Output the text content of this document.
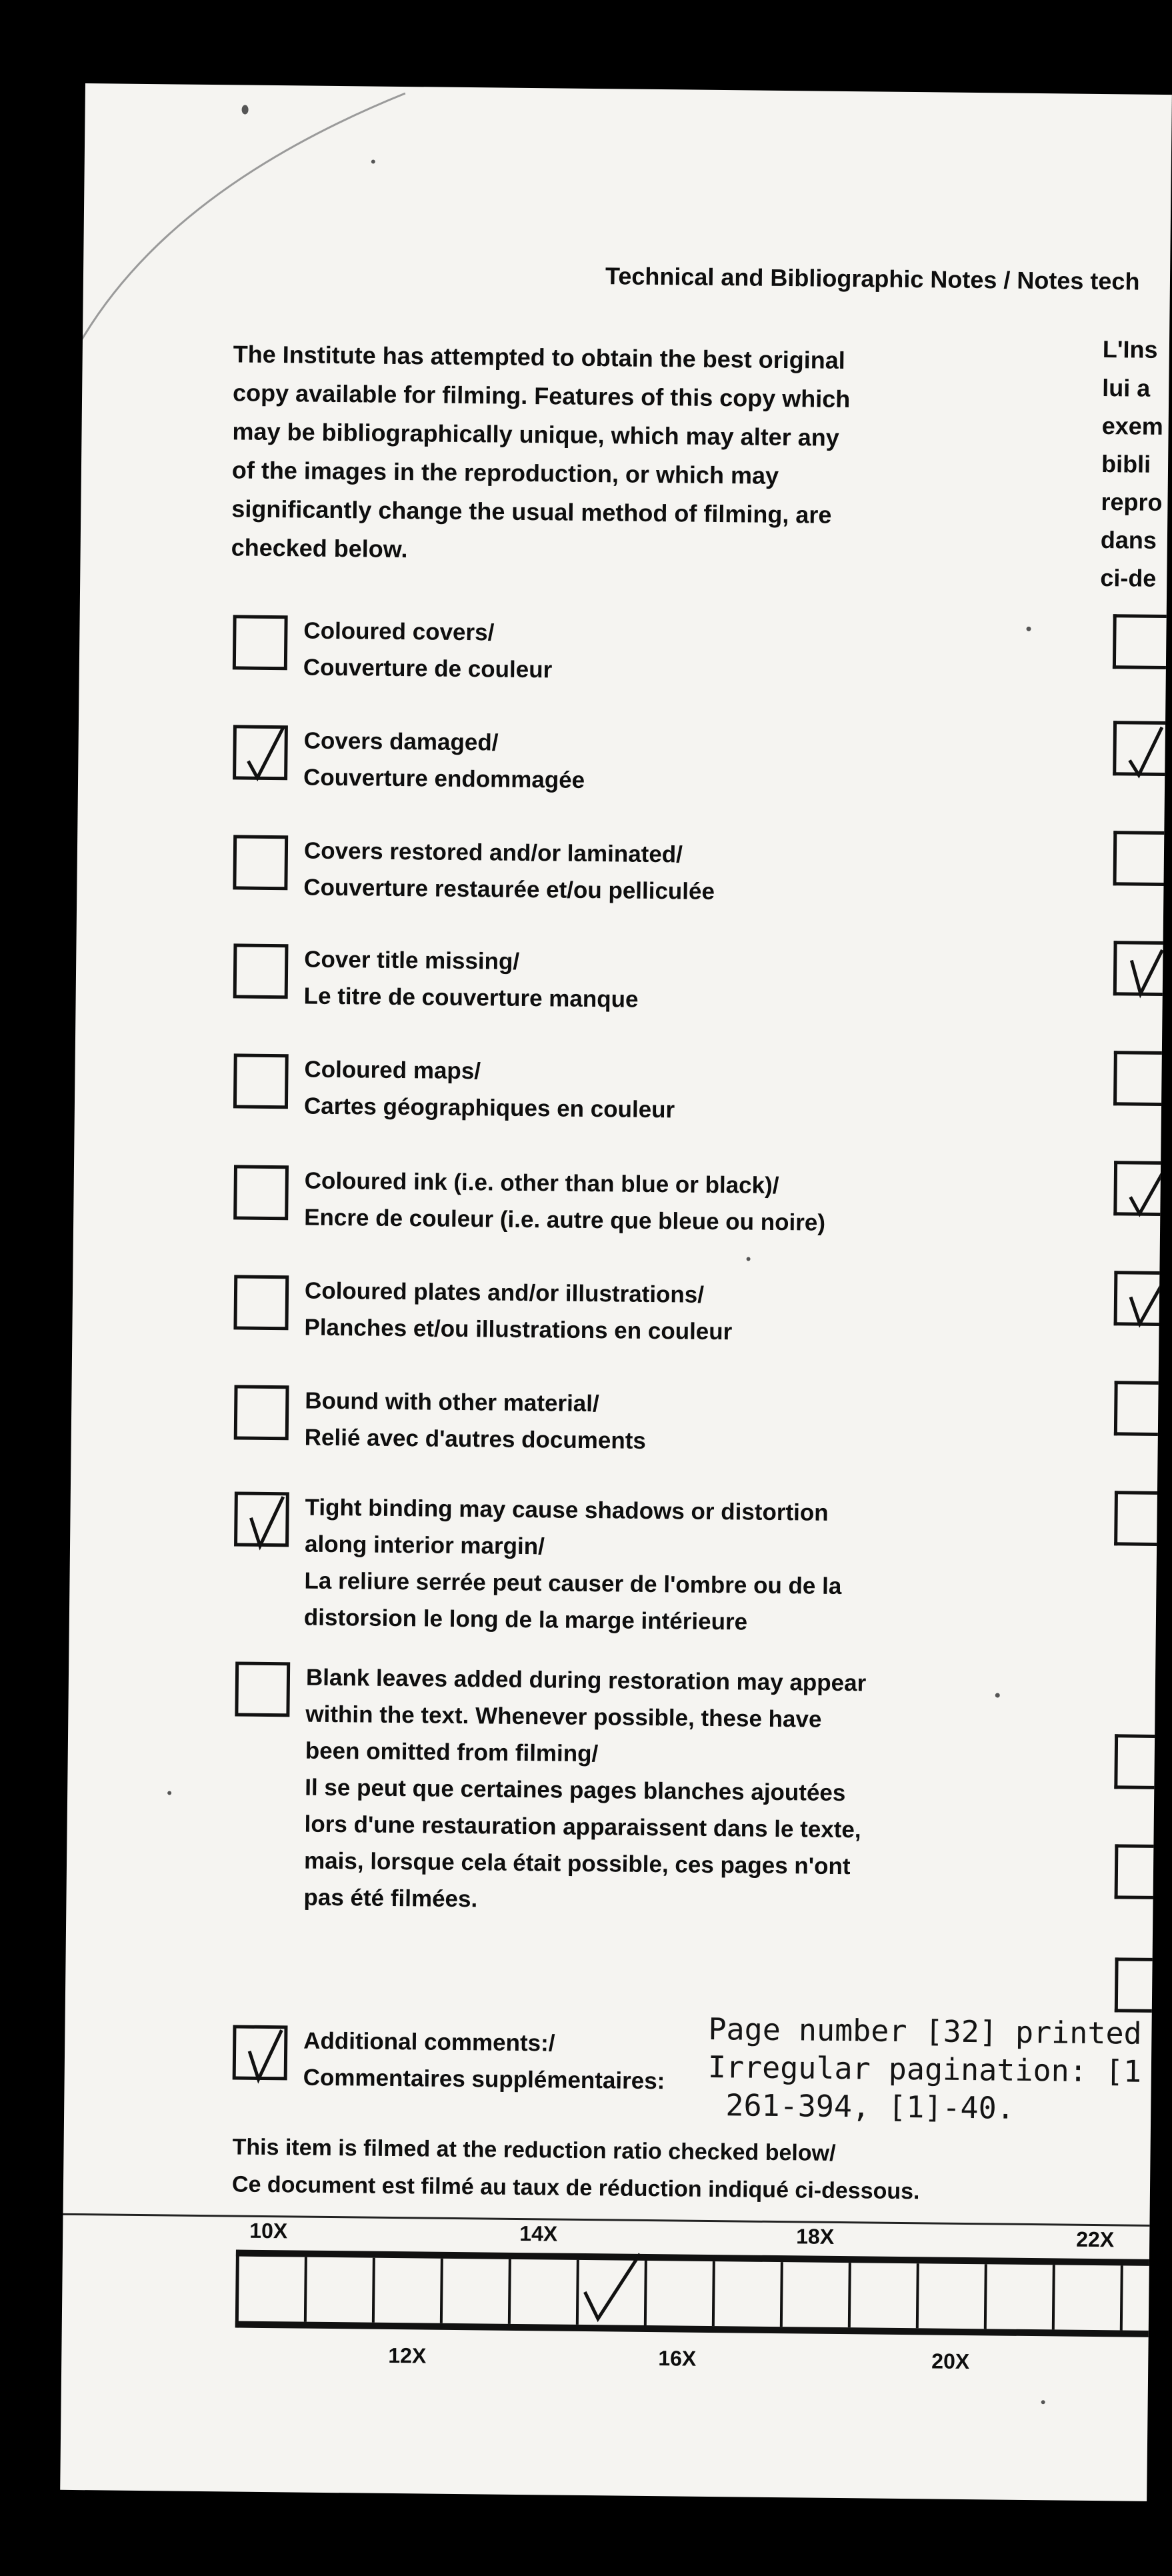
Technical and Bibliographic Notes / Notes tech
The Institute has attempted to obtain the best original
copy available for filming. Features of this copy which
may be bibliographically unique, which may alter any
of the images in the reproduction, or which may
significantly change the usual method of filming, are
checked below.
L'Ins
lui a
exem
bibli
repro
dans
ci-de
Coloured covers/
Couverture de couleur
Covers damaged/
Couverture endommagée
Covers restored and/or laminated/
Couverture restaurée et/ou pelliculée
Cover title missing/
Le titre de couverture manque
Coloured maps/
Cartes géographiques en couleur
Coloured ink (i.e. other than blue or black)/
Encre de couleur (i.e. autre que bleue ou noire)
Coloured plates and/or illustrations/
Planches et/ou illustrations en couleur
Bound with other material/
Relié avec d'autres documents
Tight binding may cause shadows or distortion
along interior margin/
La reliure serrée peut causer de l'ombre ou de la
distorsion le long de la marge intérieure
Blank leaves added during restoration may appear
within the text. Whenever possible, these have
been omitted from filming/
Il se peut que certaines pages blanches ajoutées
lors d'une restauration apparaissent dans le texte,
mais, lorsque cela était possible, ces pages n'ont
pas été filmées.
Additional comments:/
Commentaires supplémentaires:
Page number [32] printed
Irregular pagination: [1
261-394, [1]-40.
This item is filmed at the reduction ratio checked below/
Ce document est filmé au taux de réduction indiqué ci-dessous.
10X	14X	18X	22X
12X	16X	20X
